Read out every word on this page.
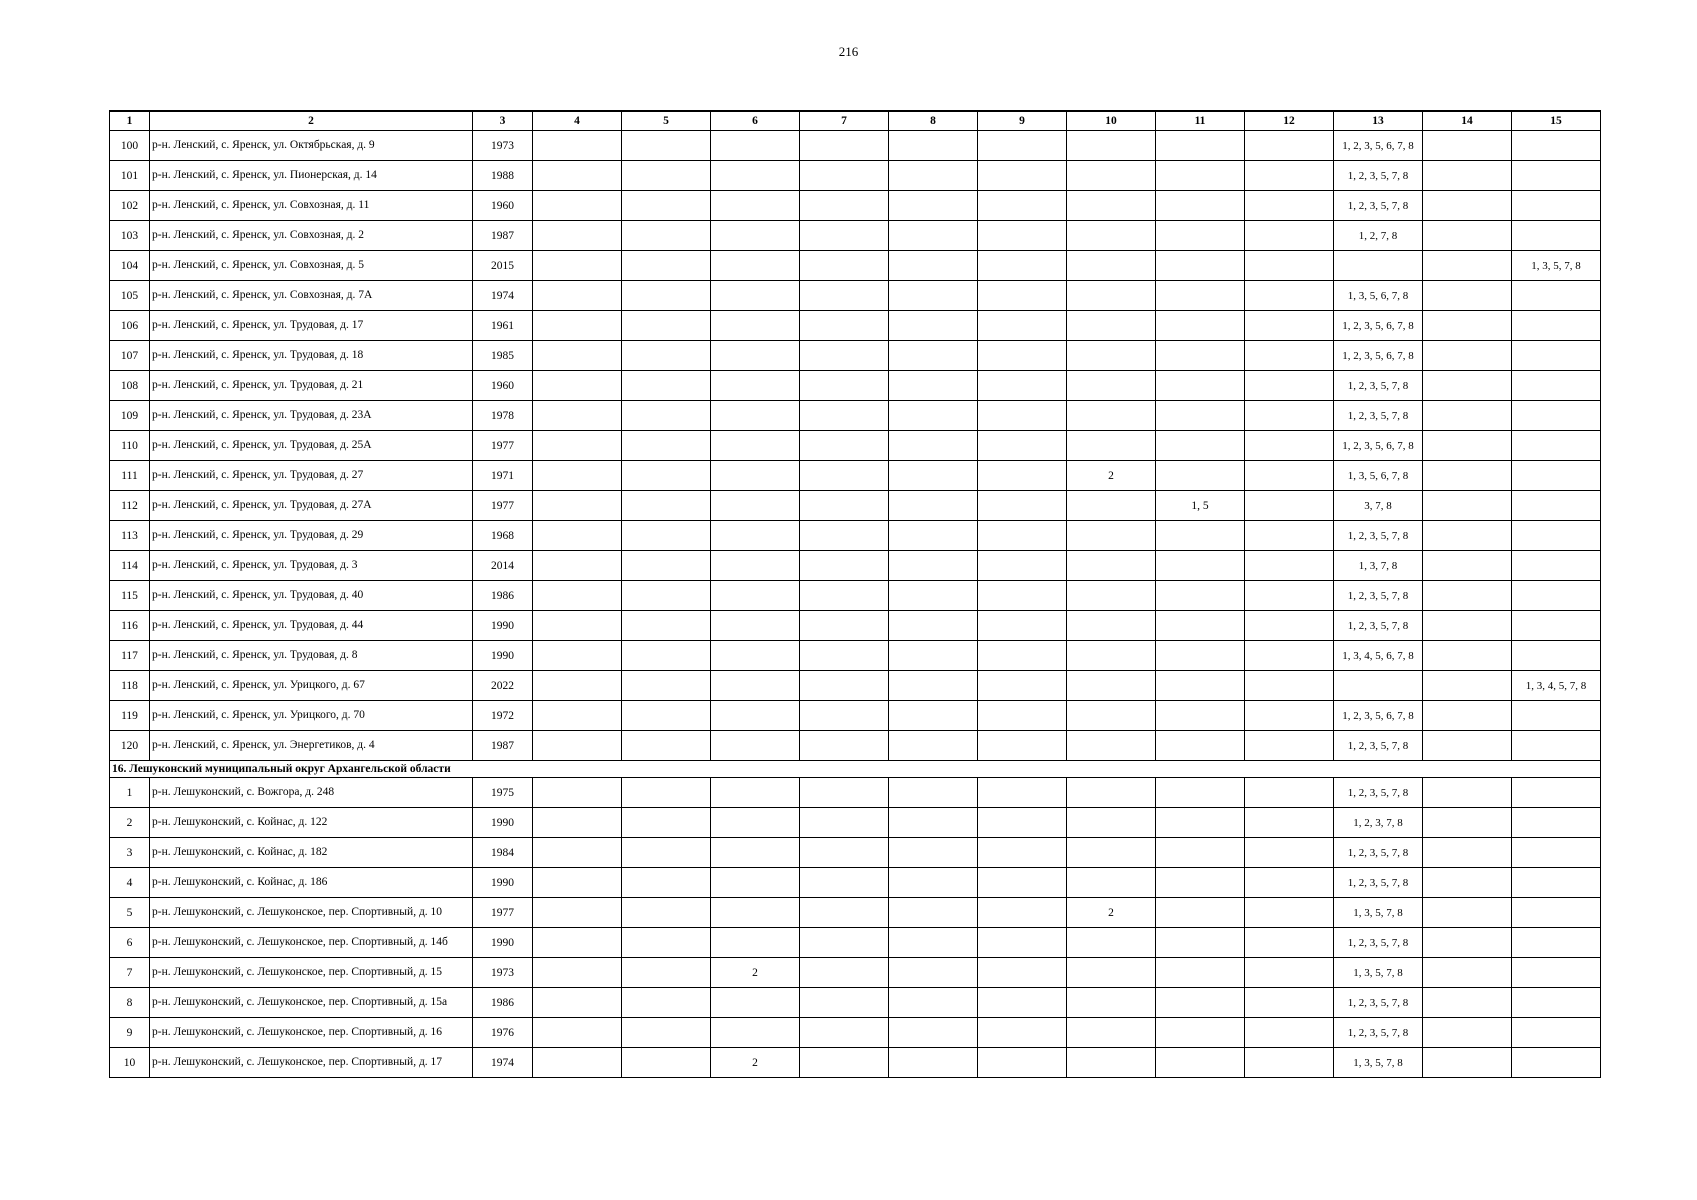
216
1	2	3	4	5	6	7	8	9	10	11	12	13	14	15
100	р-н. Ленский, с. Яренск, ул. Октябрьская, д. 9	1973										1, 2, 3, 5, 6, 7, 8		
101	р-н. Ленский, с. Яренск, ул. Пионерская, д. 14	1988										1, 2, 3, 5, 7, 8		
102	р-н. Ленский, с. Яренск, ул. Совхозная, д. 11	1960										1, 2, 3, 5, 7, 8		
103	р-н. Ленский, с. Яренск, ул. Совхозная, д. 2	1987										1, 2, 7, 8		
104	р-н. Ленский, с. Яренск, ул. Совхозная, д. 5	2015												1, 3, 5, 7, 8
105	р-н. Ленский, с. Яренск, ул. Совхозная, д. 7А	1974										1, 3, 5, 6, 7, 8		
106	р-н. Ленский, с. Яренск, ул. Трудовая, д. 17	1961										1, 2, 3, 5, 6, 7, 8		
107	р-н. Ленский, с. Яренск, ул. Трудовая, д. 18	1985										1, 2, 3, 5, 6, 7, 8		
108	р-н. Ленский, с. Яренск, ул. Трудовая, д. 21	1960										1, 2, 3, 5, 7, 8		
109	р-н. Ленский, с. Яренск, ул. Трудовая, д. 23А	1978										1, 2, 3, 5, 7, 8		
110	р-н. Ленский, с. Яренск, ул. Трудовая, д. 25А	1977										1, 2, 3, 5, 6, 7, 8		
111	р-н. Ленский, с. Яренск, ул. Трудовая, д. 27	1971							2			1, 3, 5, 6, 7, 8		
112	р-н. Ленский, с. Яренск, ул. Трудовая, д. 27А	1977								1, 5		3, 7, 8		
113	р-н. Ленский, с. Яренск, ул. Трудовая, д. 29	1968										1, 2, 3, 5, 7, 8		
114	р-н. Ленский, с. Яренск, ул. Трудовая, д. 3	2014										1, 3, 7, 8		
115	р-н. Ленский, с. Яренск, ул. Трудовая, д. 40	1986										1, 2, 3, 5, 7, 8		
116	р-н. Ленский, с. Яренск, ул. Трудовая, д. 44	1990										1, 2, 3, 5, 7, 8		
117	р-н. Ленский, с. Яренск, ул. Трудовая, д. 8	1990										1, 3, 4, 5, 6, 7, 8		
118	р-н. Ленский, с. Яренск, ул. Урицкого, д. 67	2022												1, 3, 4, 5, 7, 8
119	р-н. Ленский, с. Яренск, ул. Урицкого, д. 70	1972										1, 2, 3, 5, 6, 7, 8		
120	р-н. Ленский, с. Яренск, ул. Энергетиков, д. 4	1987										1, 2, 3, 5, 7, 8		
16. Лешуконский муниципальный округ Архангельской области														
1	р-н. Лешуконский, с. Вожгора, д. 248	1975										1, 2, 3, 5, 7, 8		
2	р-н. Лешуконский, с. Койнас, д. 122	1990										1, 2, 3, 7, 8		
3	р-н. Лешуконский, с. Койнас, д. 182	1984										1, 2, 3, 5, 7, 8		
4	р-н. Лешуконский, с. Койнас, д. 186	1990										1, 2, 3, 5, 7, 8		
5	р-н. Лешуконский, с. Лешуконское, пер. Спортивный, д. 10	1977							2			1, 3, 5, 7, 8		
6	р-н. Лешуконский, с. Лешуконское, пер. Спортивный, д. 14б	1990										1, 2, 3, 5, 7, 8		
7	р-н. Лешуконский, с. Лешуконское, пер. Спортивный, д. 15	1973			2							1, 3, 5, 7, 8		
8	р-н. Лешуконский, с. Лешуконское, пер. Спортивный, д. 15а	1986										1, 2, 3, 5, 7, 8		
9	р-н. Лешуконский, с. Лешуконское, пер. Спортивный, д. 16	1976										1, 2, 3, 5, 7, 8		
10	р-н. Лешуконский, с. Лешуконское, пер. Спортивный, д. 17	1974			2							1, 3, 5, 7, 8		
